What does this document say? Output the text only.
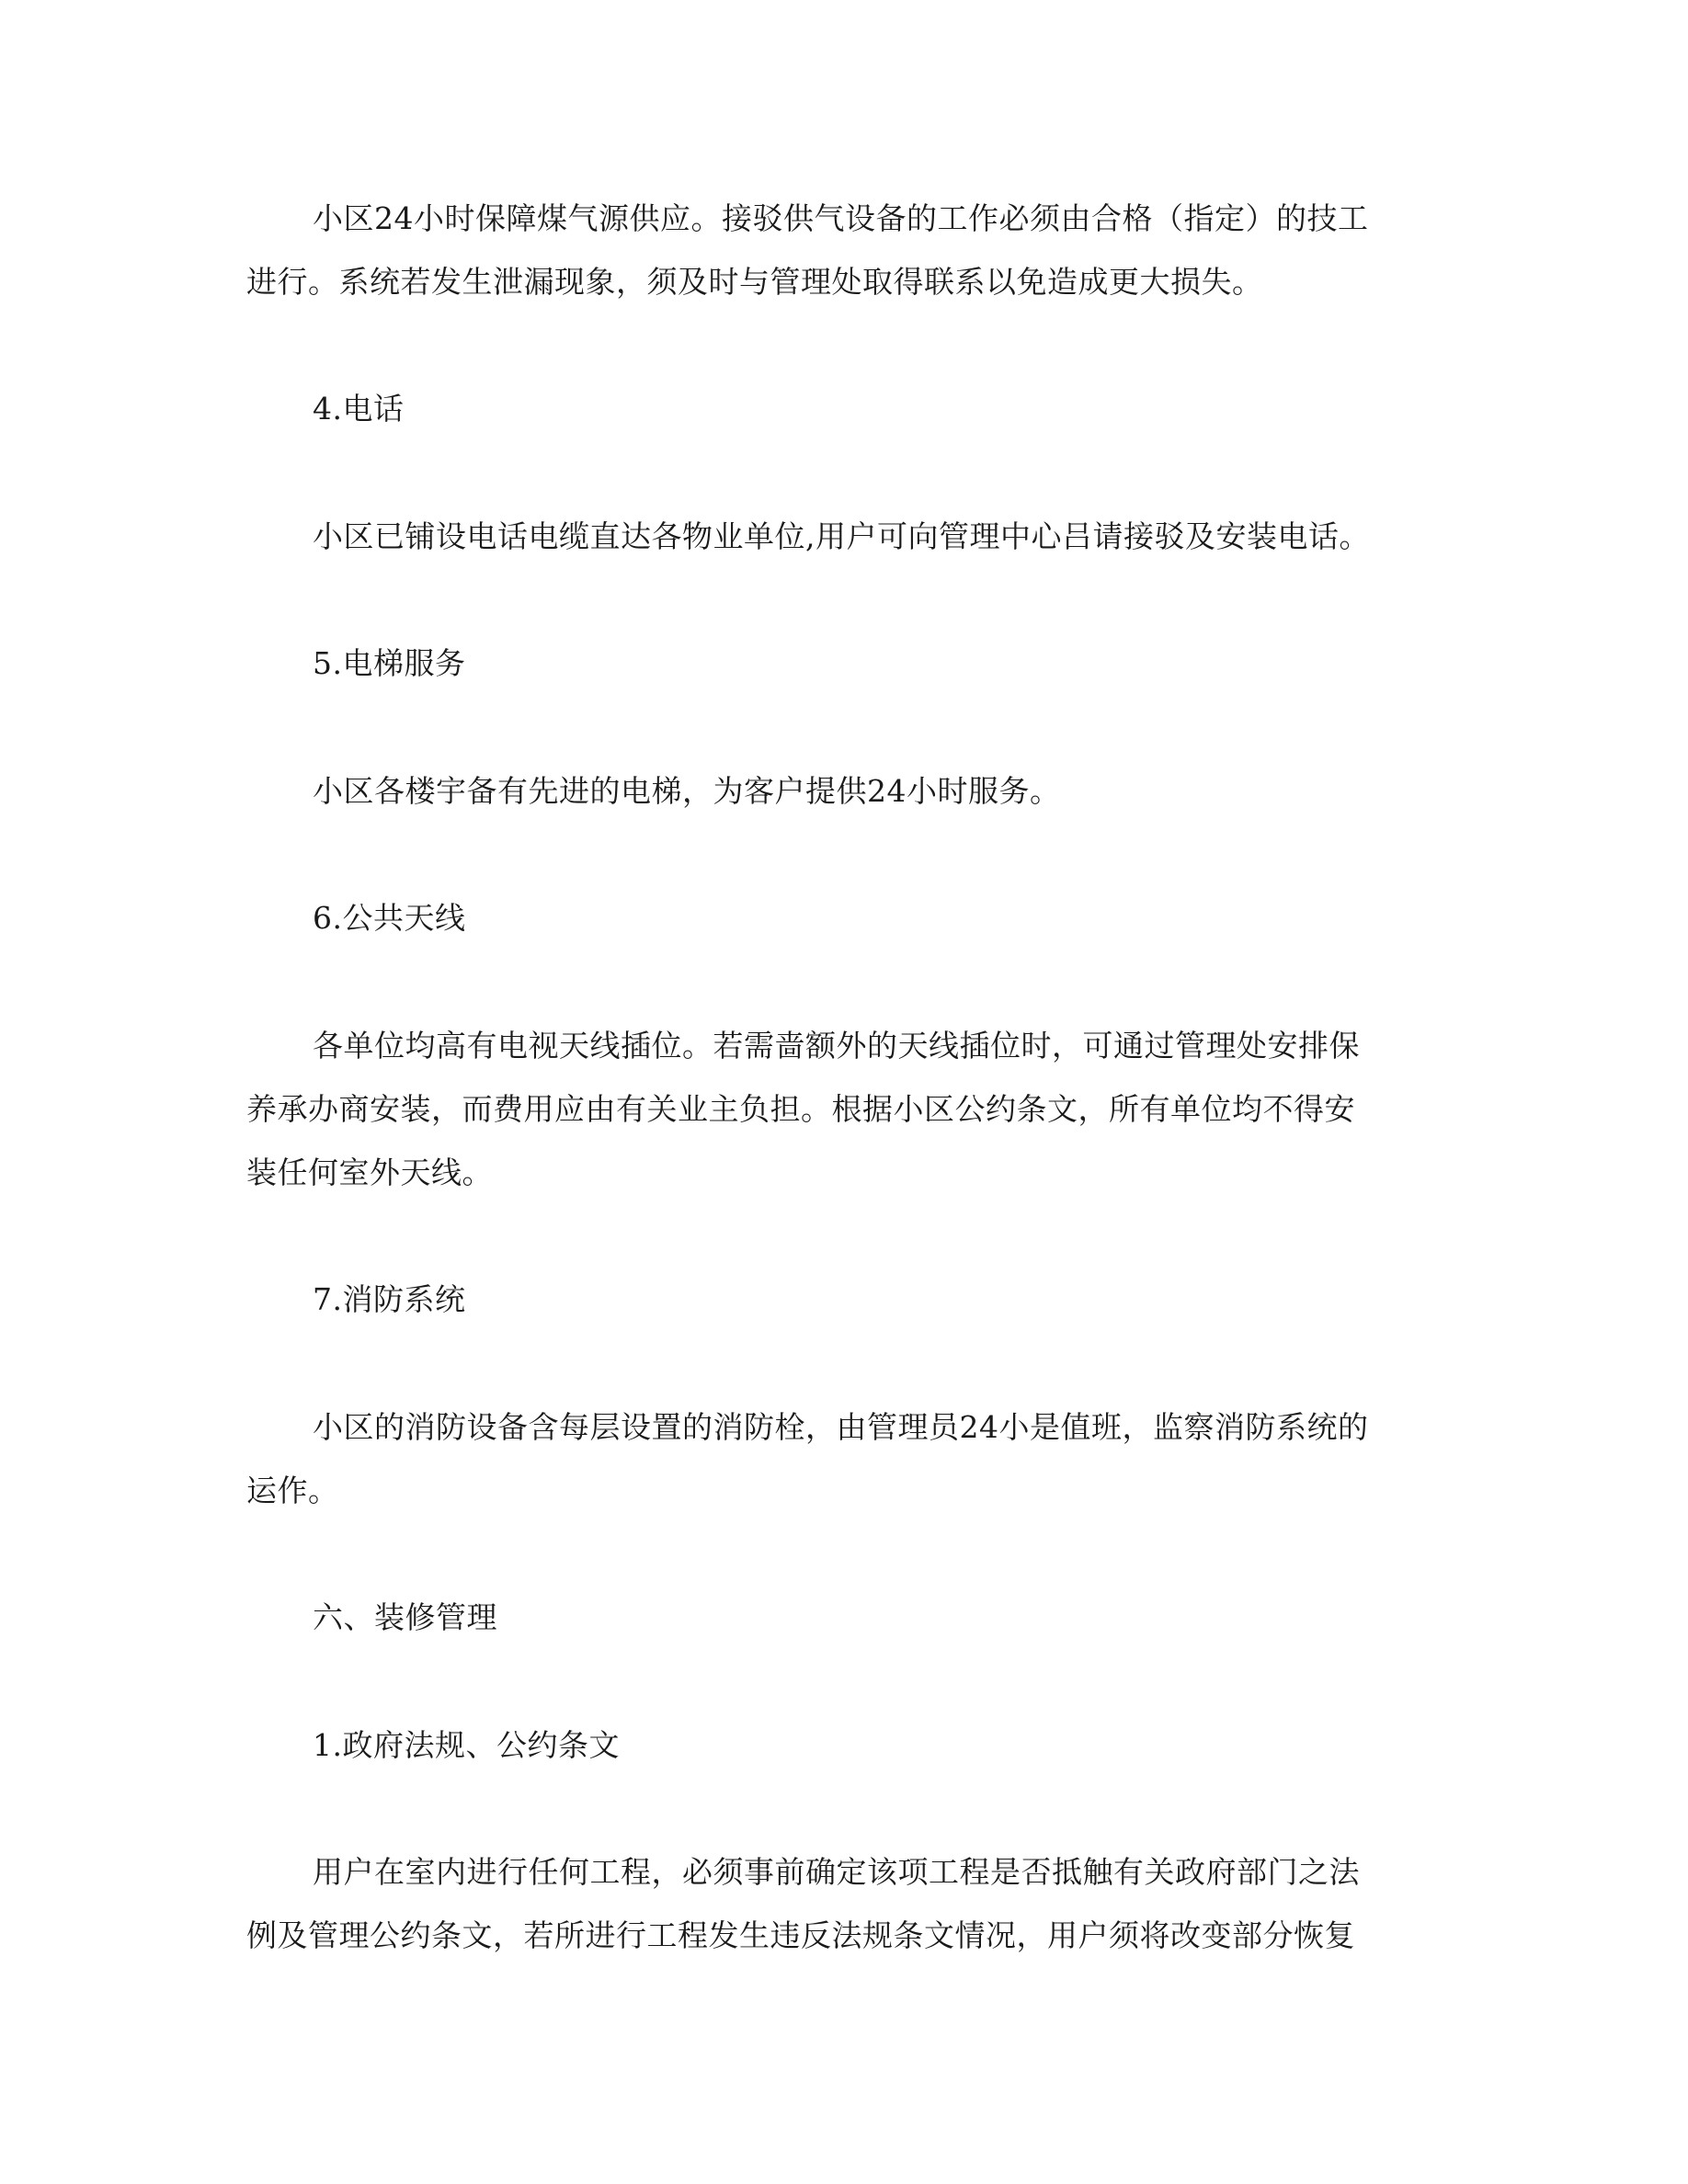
小区24小时保障煤气源供应。接驳供气设备的工作必须由合格（指定）的技工
进行。系统若发生泄漏现象，须及时与管理处取得联系以免造成更大损失。
4.电话
小区已铺设电话电缆直达各物业单位,用户可向管理中心吕请接驳及安装电话。
5.电梯服务
小区各楼宇备有先进的电梯，为客户提供24小时服务。
6.公共天线
各单位均高有电视天线插位。若需啬额外的天线插位时，可通过管理处安排保
养承办商安装，而费用应由有关业主负担。根据小区公约条文，所有单位均不得安
装任何室外天线。
7.消防系统
小区的消防设备含每层设置的消防栓，由管理员24小是值班，监察消防系统的
运作。
六、装修管理
1.政府法规、公约条文
用户在室内进行任何工程，必须事前确定该项工程是否抵触有关政府部门之法
例及管理公约条文，若所进行工程发生违反法规条文情况，用户须将改变部分恢复
